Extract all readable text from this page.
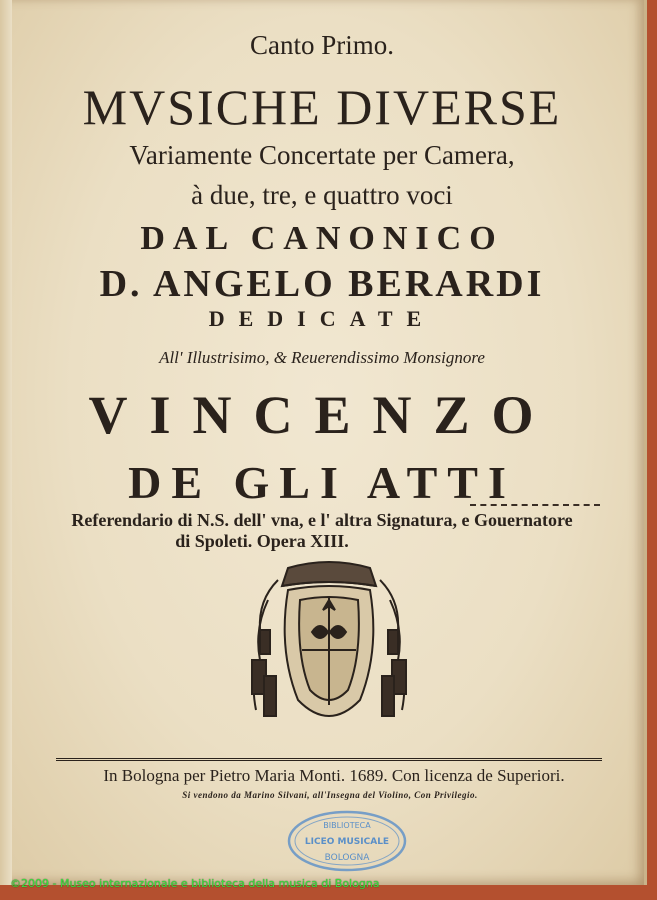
Canto Primo.
MVSICHE DIVERSE
Variamente Concertate per Camera,
à due, tre, e quattro voci
DAL CANONICO
D. ANGELO BERARDI
DEDICATE
All' Illustrisimo, & Reuerendissimo Monsignore
VINCENZO
DE GLI ATTI
Referendario di N.S. dell' vna, e l' altra Signatura, e Gouernatore
di Spoleti. Opera XIII.
In Bologna per Pietro Maria Monti. 1689. Con licenza de Superiori.
Si vendono da Marino Silvani, all'Insegna del Violino, Con Privilegio.
BIBLIOTECA
LICEO MUSICALE
BOLOGNA
©2009 - Museo internazionale e biblioteca della musica di Bologna
